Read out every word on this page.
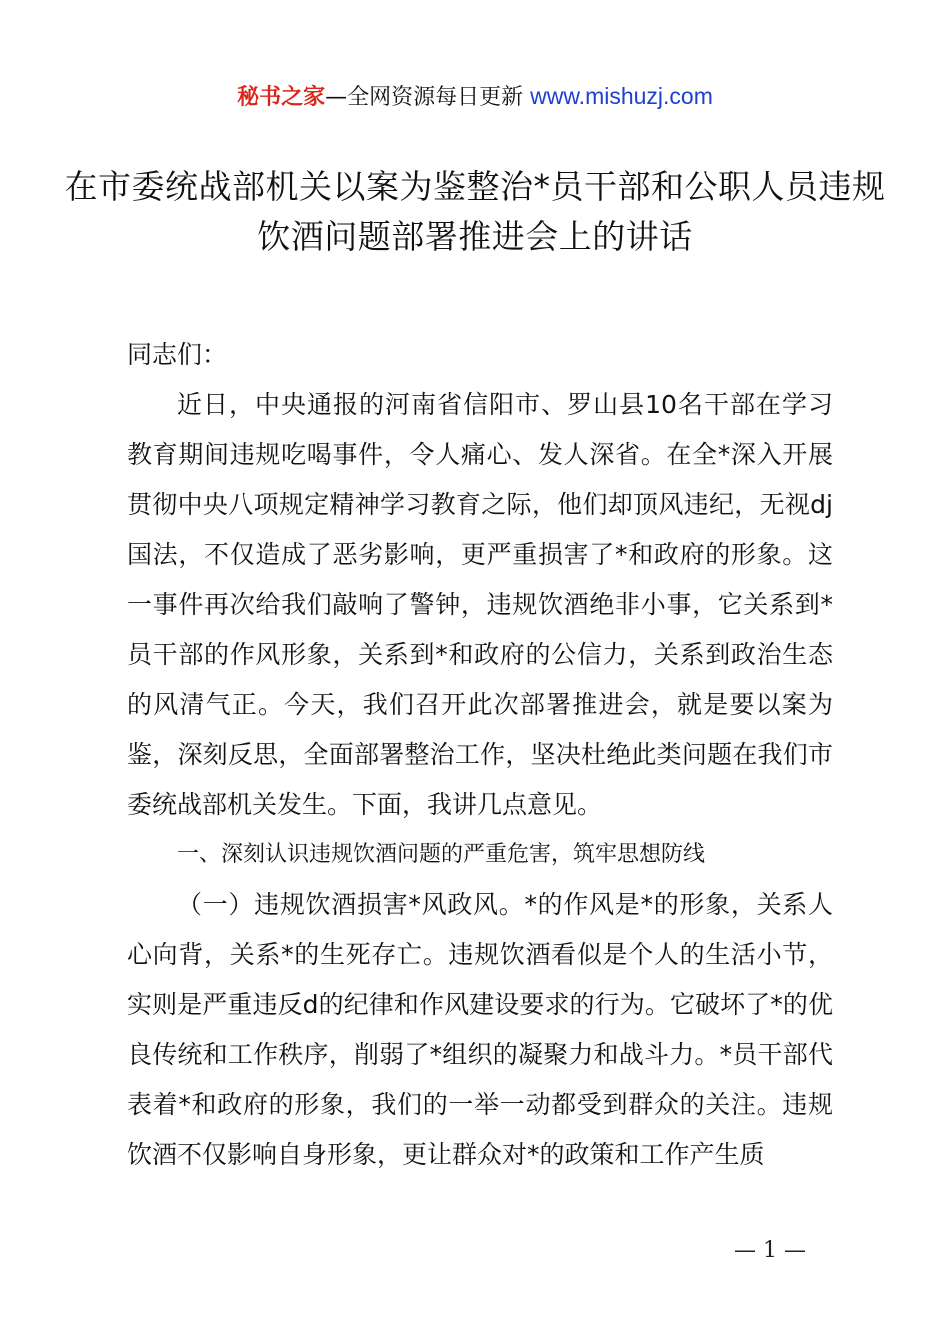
秘书之家—全网资源每日更新 www.mishuzj.com
在市委统战部机关以案为鉴整治*员干部和公职人员违规饮酒问题部署推进会上的讲话

同志们：

近日，中央通报的河南省信阳市、罗山县10名干部在学习教育期间违规吃喝事件，令人痛心、发人深省。在全*深入开展贯彻中央八项规定精神学习教育之际，他们却顶风违纪，无视dj国法，不仅造成了恶劣影响，更严重损害了*和政府的形象。这一事件再次给我们敲响了警钟，违规饮酒绝非小事，它关系到*员干部的作风形象，关系到*和政府的公信力，关系到政治生态的风清气正。今天，我们召开此次部署推进会，就是要以案为鉴，深刻反思，全面部署整治工作，坚决杜绝此类问题在我们市委统战部机关发生。下面，我讲几点意见。

一、深刻认识违规饮酒问题的严重危害，筑牢思想防线

（一）违规饮酒损害*风政风。*的作风是*的形象，关系人心向背，关系*的生死存亡。违规饮酒看似是个人的生活小节，实则是严重违反d的纪律和作风建设要求的行为。它破坏了*的优良传统和工作秩序，削弱了*组织的凝聚力和战斗力。*员干部代表着*和政府的形象，我们的一举一动都受到群众的关注。违规饮酒不仅影响自身形象，更让群众对*的政策和工作产生质

— 1 —
